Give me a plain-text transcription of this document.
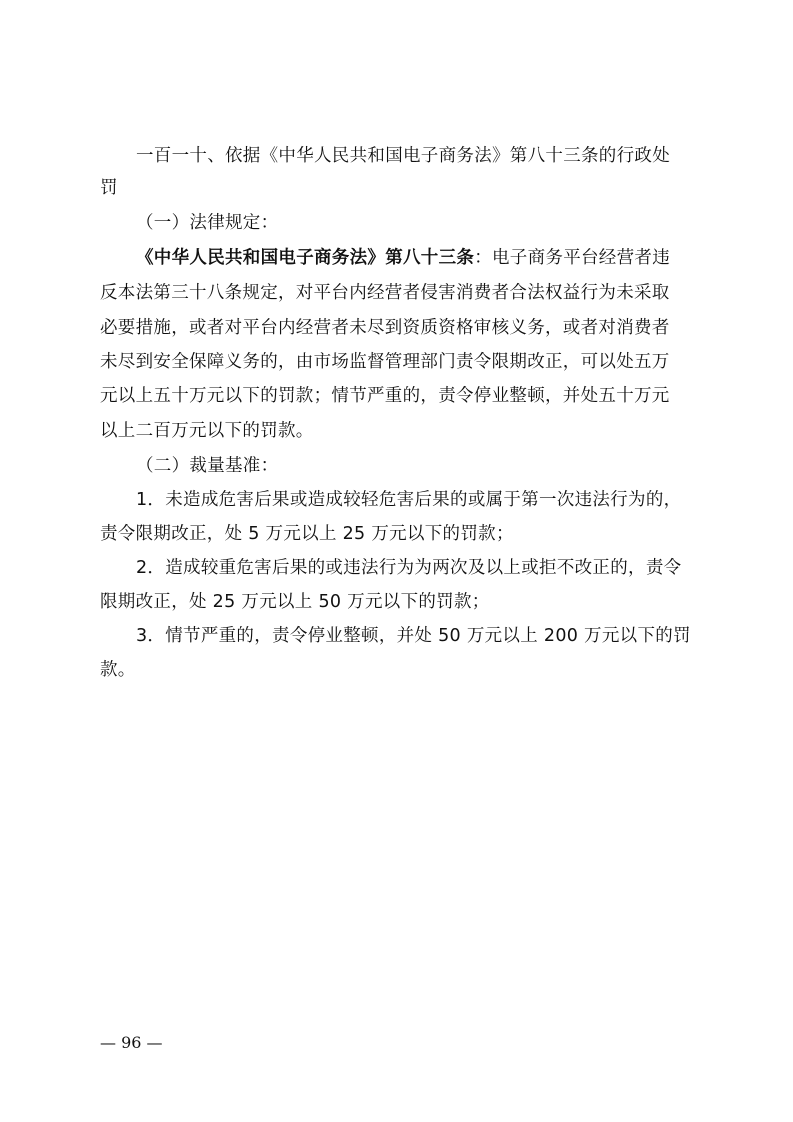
一百一十、依据《中华人民共和国电子商务法》第八十三条的行政处
罚
（一）法律规定：
《中华人民共和国电子商务法》第八十三条：电子商务平台经营者违
反本法第三十八条规定，对平台内经营者侵害消费者合法权益行为未采取
必要措施，或者对平台内经营者未尽到资质资格审核义务，或者对消费者
未尽到安全保障义务的，由市场监督管理部门责令限期改正，可以处五万
元以上五十万元以下的罚款；情节严重的，责令停业整顿，并处五十万元
以上二百万元以下的罚款。
（二）裁量基准：
1．未造成危害后果或造成较轻危害后果的或属于第一次违法行为的，
责令限期改正，处 5 万元以上 25 万元以下的罚款；
2．造成较重危害后果的或违法行为为两次及以上或拒不改正的，责令
限期改正，处 25 万元以上 50 万元以下的罚款；
3．情节严重的，责令停业整顿，并处 50 万元以上 200 万元以下的罚
款。
— 96 —
